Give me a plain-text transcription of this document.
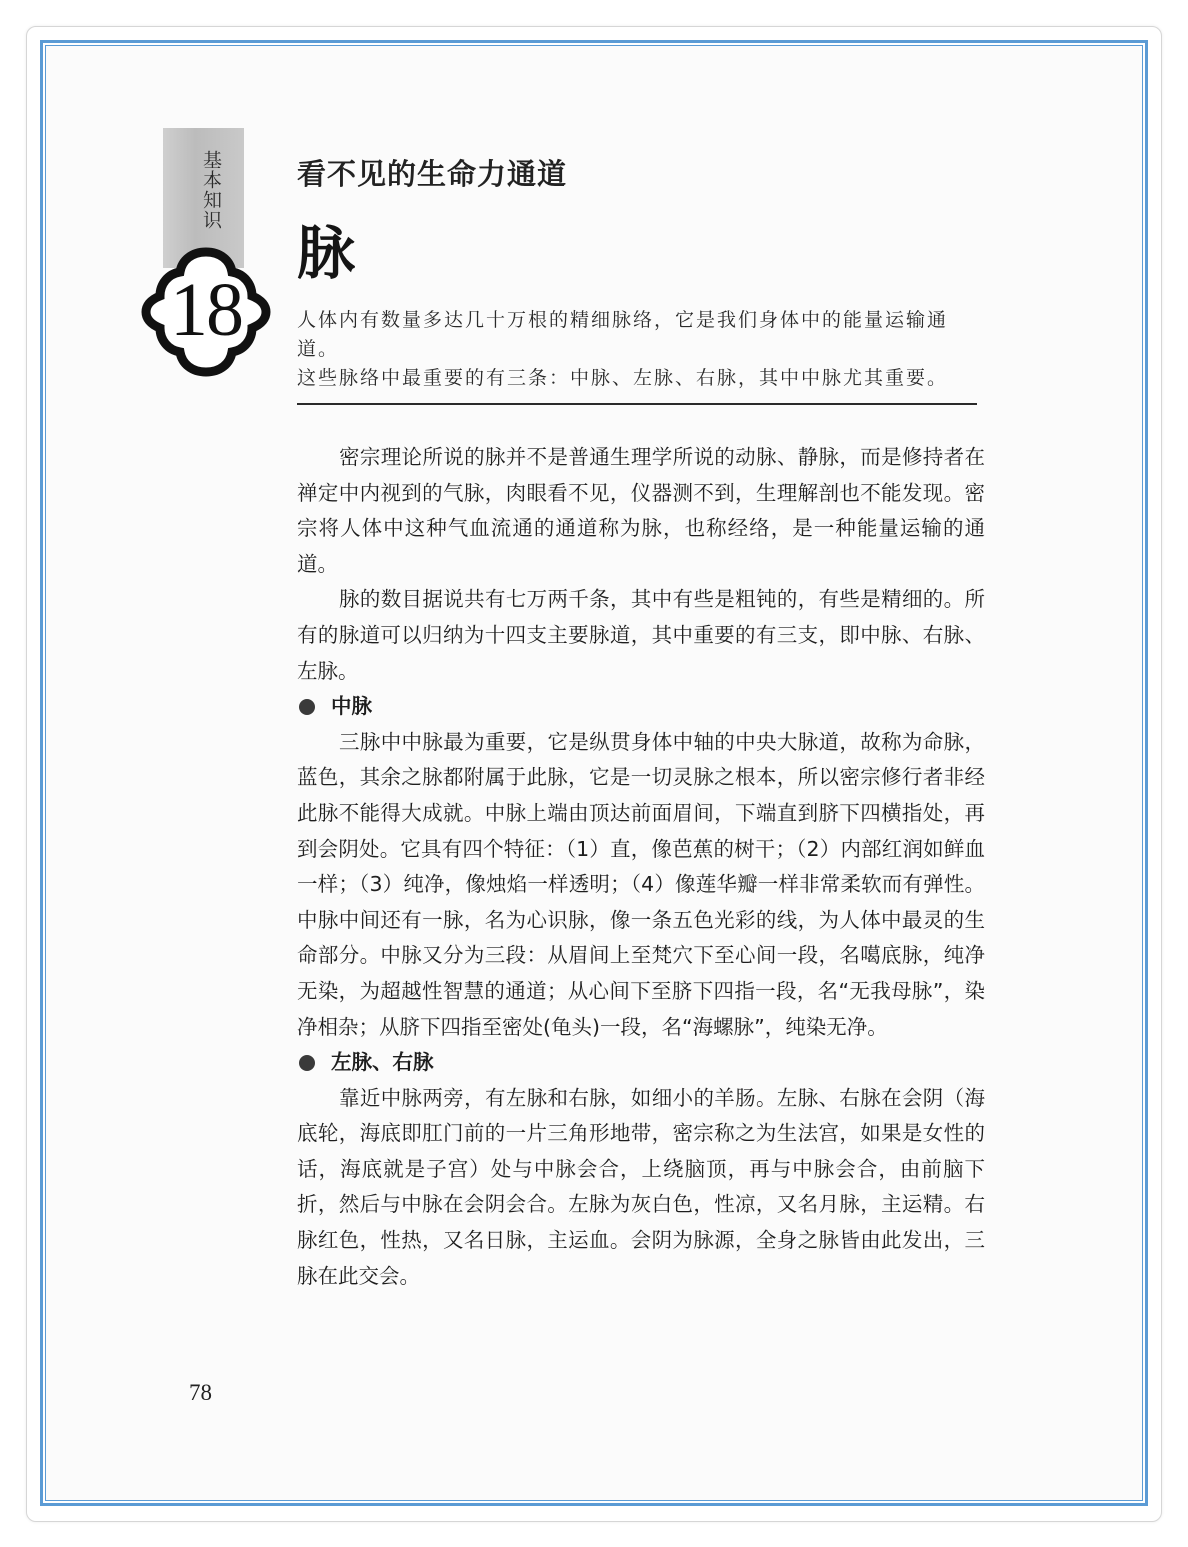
基本知识
18
看不见的生命力通道
脉
人体内有数量多达几十万根的精细脉络，它是我们身体中的能量运输通道。
这些脉络中最重要的有三条：中脉、左脉、右脉，其中中脉尤其重要。

密宗理论所说的脉并不是普通生理学所说的动脉、静脉，而是修持者在禅定中内视到的气脉，肉眼看不见，仪器测不到，生理解剖也不能发现。密宗将人体中这种气血流通的通道称为脉，也称经络，是一种能量运输的通道。

脉的数目据说共有七万两千条，其中有些是粗钝的，有些是精细的。所有的脉道可以归纳为十四支主要脉道，其中重要的有三支，即中脉、右脉、左脉。

中脉

三脉中中脉最为重要，它是纵贯身体中轴的中央大脉道，故称为命脉，蓝色，其余之脉都附属于此脉，它是一切灵脉之根本，所以密宗修行者非经此脉不能得大成就。中脉上端由顶达前面眉间，下端直到脐下四横指处，再到会阴处。它具有四个特征：（1）直，像芭蕉的树干；（2）内部红润如鲜血一样；（3）纯净，像烛焰一样透明；（4）像莲华瓣一样非常柔软而有弹性。中脉中间还有一脉，名为心识脉，像一条五色光彩的线，为人体中最灵的生命部分。中脉又分为三段：从眉间上至梵穴下至心间一段，名噶底脉，纯净无染，为超越性智慧的通道；从心间下至脐下四指一段，名“无我母脉”，染净相杂；从脐下四指至密处(龟头)一段，名“海螺脉”，纯染无净。

左脉、右脉

靠近中脉两旁，有左脉和右脉，如细小的羊肠。左脉、右脉在会阴（海底轮，海底即肛门前的一片三角形地带，密宗称之为生法宫，如果是女性的话，海底就是子宫）处与中脉会合，上绕脑顶，再与中脉会合，由前脑下折，然后与中脉在会阴会合。左脉为灰白色，性凉，又名月脉，主运精。右脉红色，性热，又名日脉，主运血。会阴为脉源，全身之脉皆由此发出，三脉在此交会。

78
